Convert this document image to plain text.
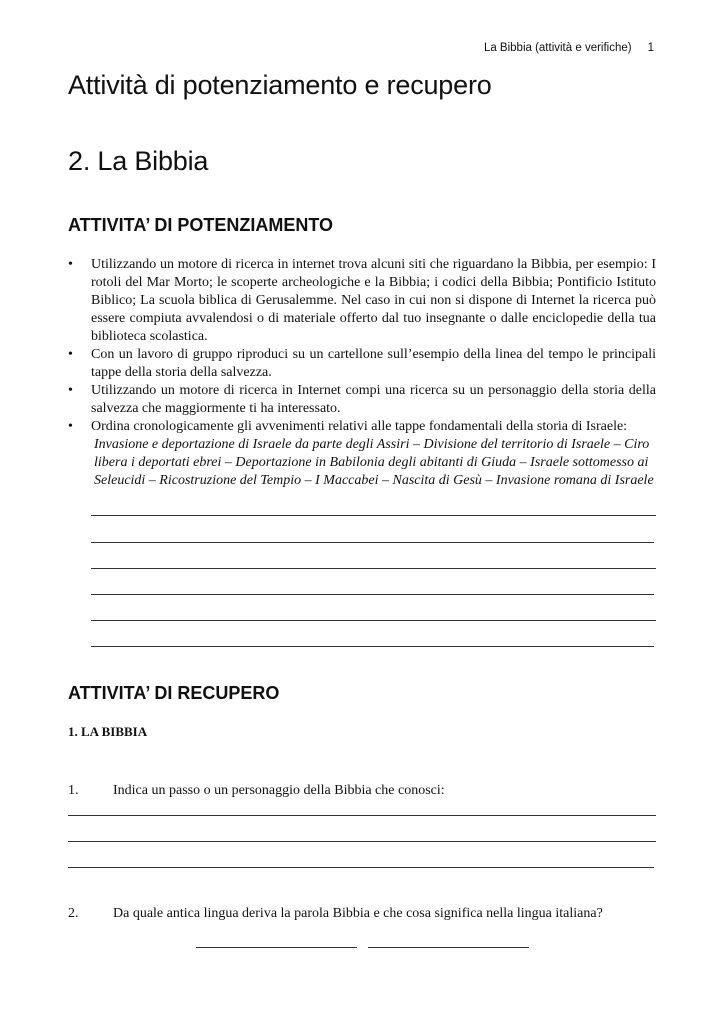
La Bibbia (attività e verifiche) 1
Attività di potenziamento e recupero
2. La Bibbia
ATTIVITA’ DI POTENZIAMENTO
• Utilizzando un motore di ricerca in internet trova alcuni siti che riguardano la Bibbia, per esempio: I rotoli del Mar Morto; le scoperte archeologiche e la Bibbia; i codici della Bibbia; Pontificio Istituto Biblico; La scuola biblica di Gerusalemme. Nel caso in cui non si dispone di Internet la ricerca può essere compiuta avvalendosi o di materiale offerto dal tuo insegnante o dalle enciclopedie della tua biblioteca scolastica.
• Con un lavoro di gruppo riproduci su un cartellone sull’esempio della linea del tempo le principali tappe della storia della salvezza.
• Utilizzando un motore di ricerca in Internet compi una ricerca su un personaggio della storia della salvezza che maggiormente ti ha interessato.
• Ordina cronologicamente gli avvenimenti relativi alle tappe fondamentali della storia di Israele:
Invasione e deportazione di Israele da parte degli Assiri – Divisione del territorio di Israele – Ciro libera i deportati ebrei – Deportazione in Babilonia degli abitanti di Giuda – Israele sottomesso ai Seleucidi – Ricostruzione del Tempio – I Maccabei – Nascita di Gesù – Invasione romana di Israele
ATTIVITA’ DI RECUPERO
1. LA BIBBIA
1. Indica un passo o un personaggio della Bibbia che conosci:
2. Da quale antica lingua deriva la parola Bibbia e che cosa significa nella lingua italiana?
